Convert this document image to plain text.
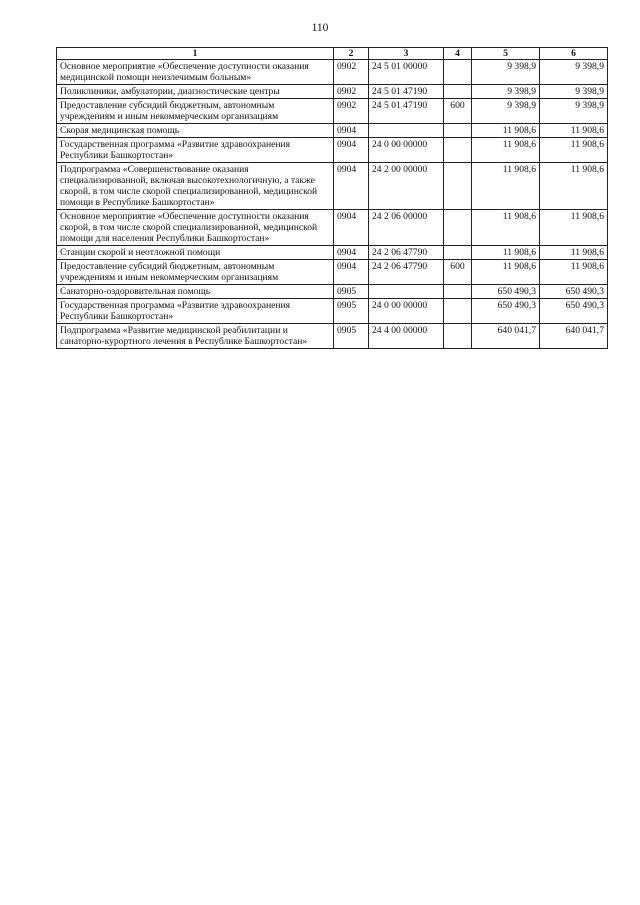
110
1	2	3	4	5	6
Основное мероприятие «Обеспечение доступности оказания медицинской помощи неизлечимым больным»	0902	24 5 01 00000		9 398,9	9 398,9
Поликлиники, амбулатории, диагностические центры	0902	24 5 01 47190		9 398,9	9 398,9
Предоставление субсидий бюджетным, автономным учреждениям и иным некоммерческим организациям	0902	24 5 01 47190	600	9 398,9	9 398,9
Скорая медицинская помощь	0904			11 908,6	11 908,6
Государственная программа «Развитие здравоохранения Республики Башкортостан»	0904	24 0 00 00000		11 908,6	11 908,6
Подпрограмма «Совершенствование оказания специализированной, включая высокотехнологичную, а также скорой, в том числе скорой специализированной, медицинской помощи в Республике Башкортостан»	0904	24 2 00 00000		11 908,6	11 908,6
Основное мероприятие «Обеспечение доступности оказания скорой, в том числе скорой специализированной, медицинской помощи для населения Республики Башкортостан»	0904	24 2 06 00000		11 908,6	11 908,6
Станции скорой и неотложной помощи	0904	24 2 06 47790		11 908,6	11 908,6
Предоставление субсидий бюджетным, автономным учреждениям и иным некоммерческим организациям	0904	24 2 06 47790	600	11 908,6	11 908,6
Санаторно-оздоровительная помощь	0905			650 490,3	650 490,3
Государственная программа «Развитие здравоохранения Республики Башкортостан»	0905	24 0 00 00000		650 490,3	650 490,3
Подпрограмма «Развитие медицинской реабилитации и санаторно-курортного лечения в Республике Башкортостан»	0905	24 4 00 00000		640 041,7	640 041,7
